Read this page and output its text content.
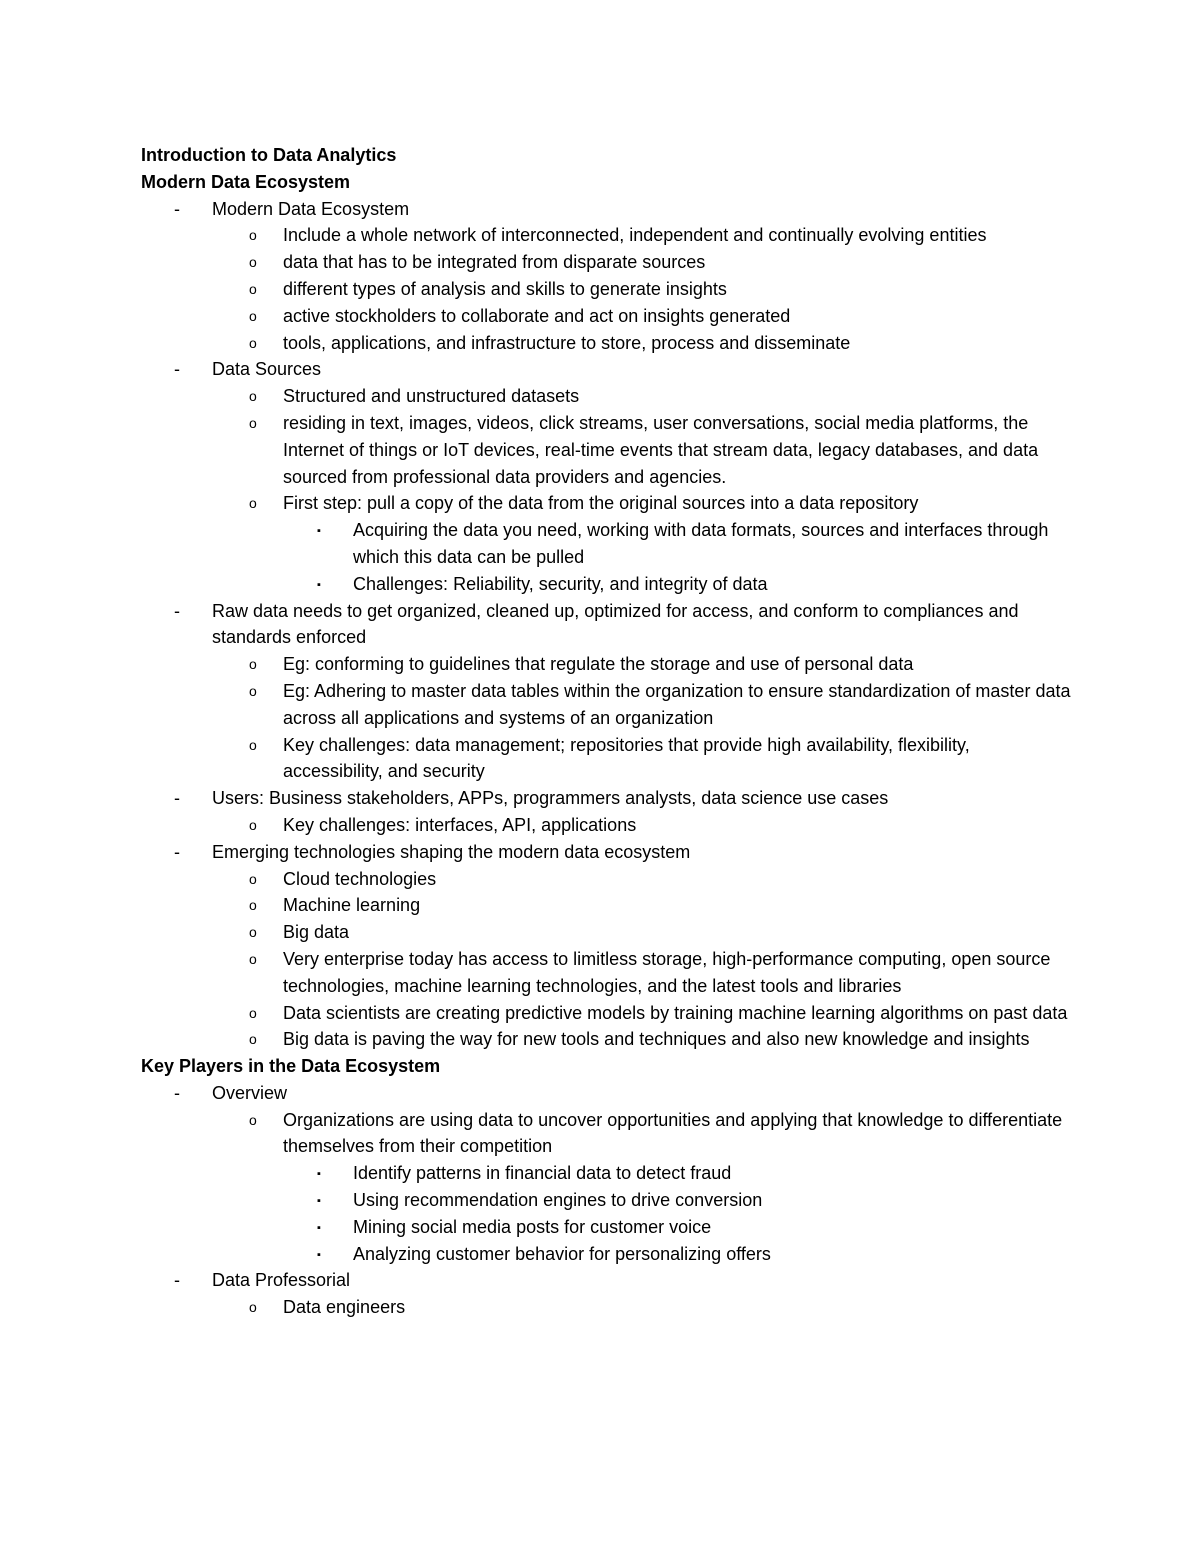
Introduction to Data Analytics

Modern Data Ecosystem

- Modern Data Ecosystem
o Include a whole network of interconnected, independent and continually evolving entities
o data that has to be integrated from disparate sources
o different types of analysis and skills to generate insights
o active stockholders to collaborate and act on insights generated
o tools, applications, and infrastructure to store, process and disseminate
- Data Sources
o Structured and unstructured datasets
o residing in text, images, videos, click streams, user conversations, social media platforms, the Internet of things or IoT devices, real-time events that stream data, legacy databases, and data sourced from professional data providers and agencies.
o First step: pull a copy of the data from the original sources into a data repository
▪ Acquiring the data you need, working with data formats, sources and interfaces through which this data can be pulled
▪ Challenges: Reliability, security, and integrity of data
- Raw data needs to get organized, cleaned up, optimized for access, and conform to compliances and standards enforced
o Eg: conforming to guidelines that regulate the storage and use of personal data
o Eg: Adhering to master data tables within the organization to ensure standardization of master data across all applications and systems of an organization
o Key challenges: data management; repositories that provide high availability, flexibility, accessibility, and security
- Users: Business stakeholders, APPs, programmers analysts, data science use cases
o Key challenges: interfaces, API, applications
- Emerging technologies shaping the modern data ecosystem
o Cloud technologies
o Machine learning
o Big data
o Very enterprise today has access to limitless storage, high-performance computing, open source technologies, machine learning technologies, and the latest tools and libraries
o Data scientists are creating predictive models by training machine learning algorithms on past data
o Big data is paving the way for new tools and techniques and also new knowledge and insights

Key Players in the Data Ecosystem

- Overview
o Organizations are using data to uncover opportunities and applying that knowledge to differentiate themselves from their competition
▪ Identify patterns in financial data to detect fraud
▪ Using recommendation engines to drive conversion
▪ Mining social media posts for customer voice
▪ Analyzing customer behavior for personalizing offers
- Data Professorial
o Data engineers
